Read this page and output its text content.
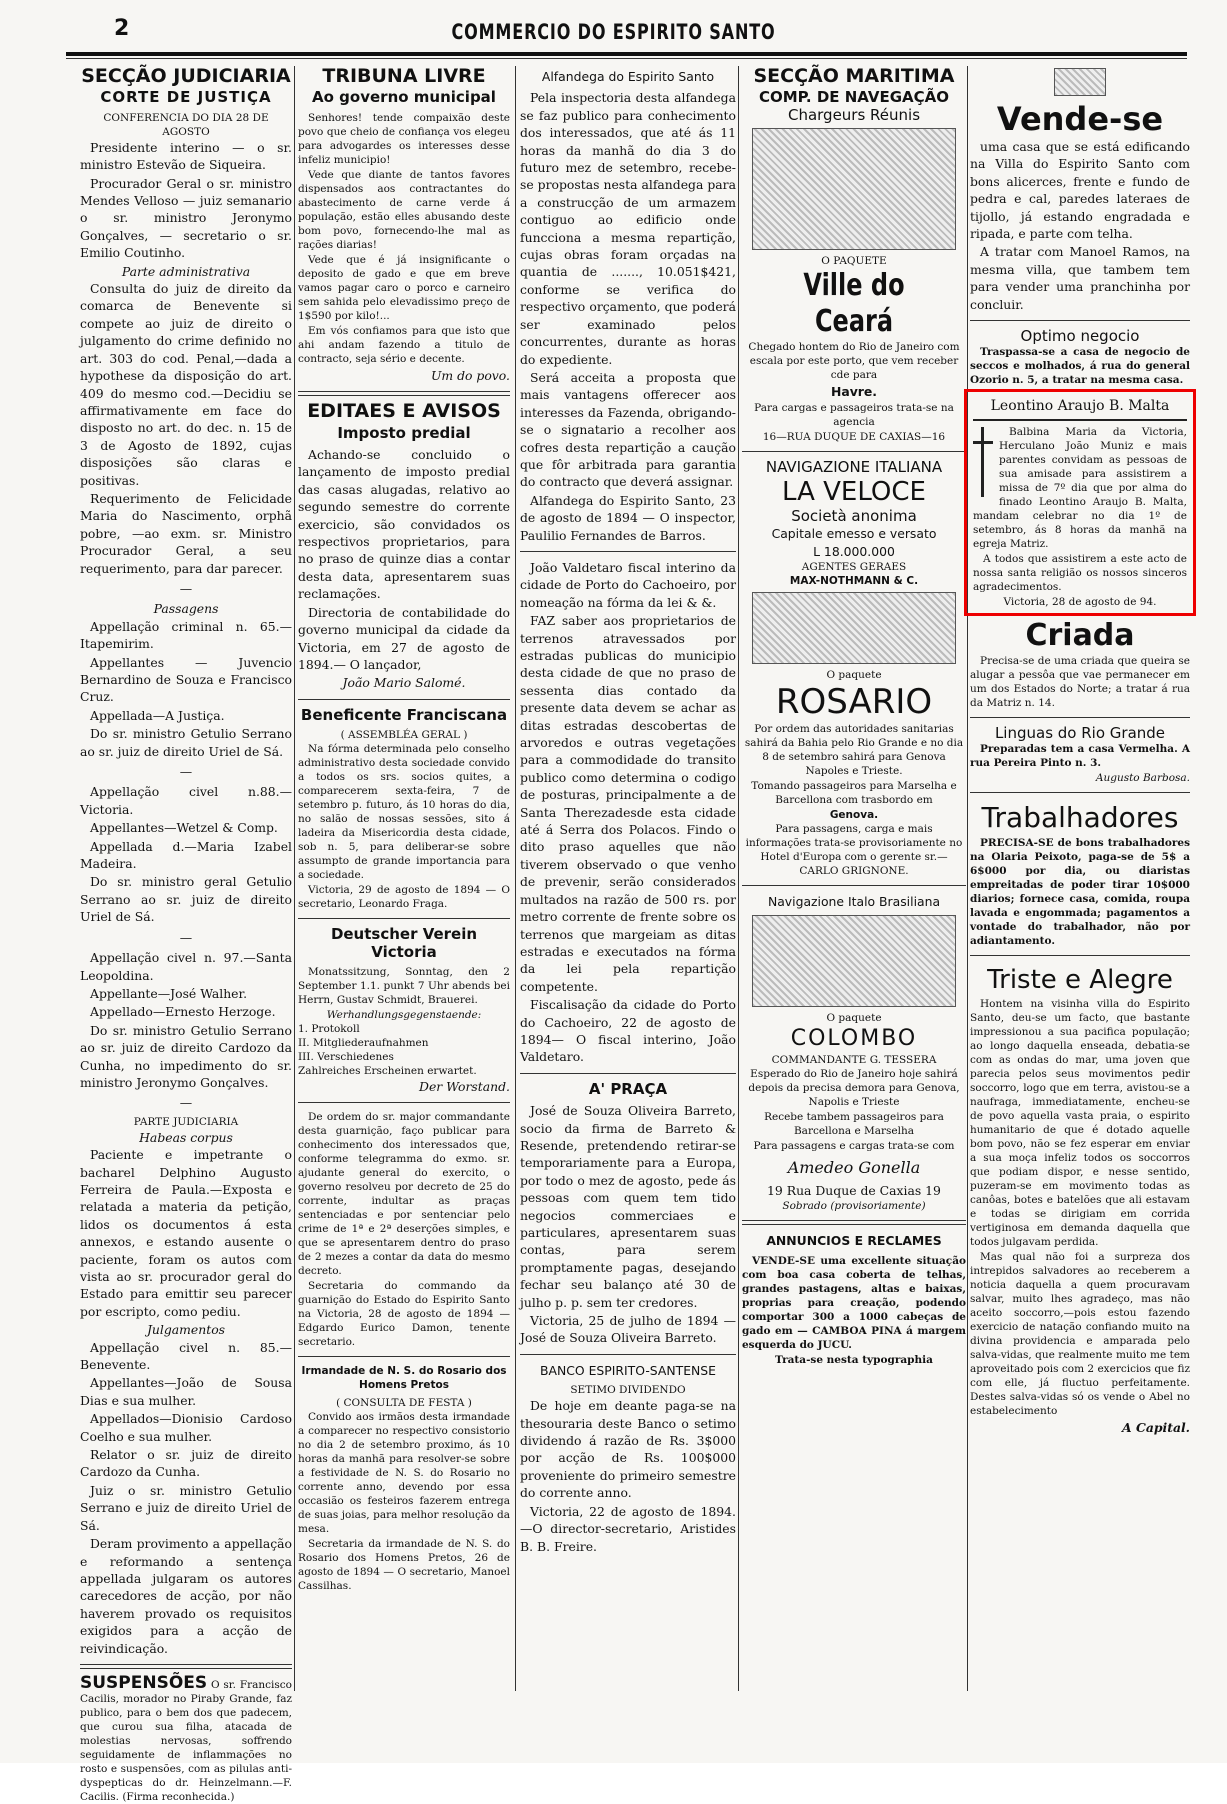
2	COMMERCIO DO ESPIRITO SANTO
SECÇÃO JUDICIARIA
CORTE DE JUSTIÇA
CONFERENCIA DO DIA 28 DE AGOSTO

Presidente interino — o sr. ministro Estevão de Siqueira.

Procurador Geral o sr. ministro Mendes Velloso — juiz semanario o sr. ministro Jeronymo Gonçalves, — secretario o sr. Emilio Coutinho.

Parte administrativa

Consulta do juiz de direito da comarca de Benevente si compete ao juiz de direito o julgamento do crime definido no art. 303 do cod. Penal,—dada a hypothese da disposição do art. 409 do mesmo cod.—Decidiu se affirmativamente em face do disposto no art. do dec. n. 15 de 3 de Agosto de 1892, cujas disposições são claras e positivas.

Requerimento de Felicidade Maria do Nascimento, orphã pobre, —ao exm. sr. Ministro Procurador Geral, a seu requerimento, para dar parecer.

—
Passagens

Appellação criminal n. 65.—Itapemirim.

Appellantes — Juvencio Bernardino de Souza e Francisco Cruz.

Appellada—A Justiça.

Do sr. ministro Getulio Serrano ao sr. juiz de direito Uriel de Sá.

—

Appellação civel n.88.—Victoria.

Appellantes—Wetzel & Comp.

Appellada d.—Maria Izabel Madeira.

Do sr. ministro geral Getulio Serrano ao sr. juiz de direito Uriel de Sá.

—

Appellação civel n. 97.—Santa Leopoldina.

Appellante—José Walher.

Appellado—Ernesto Herzoge.

Do sr. ministro Getulio Serrano ao sr. juiz de direito Cardozo da Cunha, no impedimento do sr. ministro Jeronymo Gonçalves.

—
PARTE JUDICIARIA
Habeas corpus

Paciente e impetrante o bacharel Delphino Augusto Ferreira de Paula.—Exposta e relatada a materia da petição, lidos os documentos á esta annexos, e estando ausente o paciente, foram os autos com vista ao sr. procurador geral do Estado para emittir seu parecer por escripto, como pediu.

Julgamentos

Appellação civel n. 85.—Benevente.

Appellantes—João de Sousa Dias e sua mulher.

Appellados—Dionisio Cardoso Coelho e sua mulher.

Relator o sr. juiz de direito Cardozo da Cunha.

Juiz o sr. ministro Getulio Serrano e juiz de direito Uriel de Sá.

Deram provimento a appellação e reformando a sentença appellada julgaram os autores carecedores de acção, por não haverem provado os requisitos exigidos para a acção de reivindicação.

SUSPENSÕES O sr. Francisco Cacilis, morador no Piraby Grande, faz publico, para o bem dos que padecem, que curou sua filha, atacada de molestias nervosas, soffrendo seguidamente de inflammações no rosto e suspensões, com as pilulas anti-dyspepticas do dr. Heinzelmann.—F. Cacilis. (Firma reconhecida.)

TRIBUNA LIVRE
Ao governo municipal

Senhores! tende compaixão deste povo que cheio de confiança vos elegeu para advogardes os interesses desse infeliz municipio!

Vede que diante de tantos favores dispensados aos contractantes do abastecimento de carne verde á população, estão elles abusando deste bom povo, fornecendo-lhe mal as rações diarias!

Vede que é já insignificante o deposito de gado e que em breve vamos pagar caro o porco e carneiro sem sahida pelo elevadissimo preço de 1$590 por kilo!...

Em vós confiamos para que isto que ahi andam fazendo a titulo de contracto, seja sério e decente.

Um do povo.
EDITAES E AVISOS
Imposto predial

Achando-se concluido o lançamento de imposto predial das casas alugadas, relativo ao segundo semestre do corrente exercicio, são convidados os respectivos proprietarios, para no praso de quinze dias a contar desta data, apresentarem suas reclamações.

Directoria de contabilidade do governo municipal da cidade da Victoria, em 27 de agosto de 1894.— O lançador,

João Mario Salomé.
Beneficente Franciscana
( ASSEMBLÉA GERAL )

Na fórma determinada pelo conselho administrativo desta sociedade convido a todos os srs. socios quites, a comparecerem sexta-feira, 7 de setembro p. futuro, ás 10 horas do dia, no salão de nossas sessões, sito á ladeira da Misericordia desta cidade, sob n. 5, para deliberar-se sobre assumpto de grande importancia para a sociedade.

Victoria, 29 de agosto de 1894 — O secretario, Leonardo Fraga.

Deutscher Verein Victoria

Monatssitzung, Sonntag, den 2 September 1.1. punkt 7 Uhr abends bei Herrn, Gustav Schmidt, Brauerei.

Werhandlungsgegenstaende:
1. Protokoll
II. Mitgliederaufnahmen
III. Verschiedenes
Zahlreiches Erscheinen erwartet.
Der Worstand.

De ordem do sr. major commandante desta guarnição, faço publicar para conhecimento dos interessados que, conforme telegramma do exmo. sr. ajudante general do exercito, o governo resolveu por decreto de 25 do corrente, indultar as praças sentenciadas e por sentenciar pelo crime de 1ª e 2ª deserções simples, e que se apresentarem dentro do praso de 2 mezes a contar da data do mesmo decreto.

Secretaria do commando da guarnição do Estado do Espirito Santo na Victoria, 28 de agosto de 1894 — Edgardo Eurico Damon, tenente secretario.

Irmandade de N. S. do Rosario dos Homens Pretos
( CONSULTA DE FESTA )

Convido aos irmãos desta irmandade a comparecer no respectivo consistorio no dia 2 de setembro proximo, ás 10 horas da manhã para resolver-se sobre a festividade de N. S. do Rosario no corrente anno, devendo por essa occasião os festeiros fazerem entrega de suas joias, para melhor resolução da mesa.

Secretaria da irmandade de N. S. do Rosario dos Homens Pretos, 26 de agosto de 1894 — O secretario, Manoel Cassilhas.

Alfandega do Espirito Santo

Pela inspectoria desta alfandega se faz publico para conhecimento dos interessados, que até ás 11 horas da manhã do dia 3 do futuro mez de setembro, recebe-se propostas nesta alfandega para a construcção de um armazem contiguo ao edificio onde funcciona a mesma repartição, cujas obras foram orçadas na quantia de ......., 10.051$421, conforme se verifica do respectivo orçamento, que poderá ser examinado pelos concurrentes, durante as horas do expediente.

Será acceita a proposta que mais vantagens offerecer aos interesses da Fazenda, obrigando-se o signatario a recolher aos cofres desta repartição a caução que fôr arbitrada para garantia do contracto que deverá assignar.

Alfandega do Espirito Santo, 23 de agosto de 1894 — O inspector, Paulilio Fernandes de Barros.

João Valdetaro fiscal interino da cidade de Porto do Cachoeiro, por nomeação na fórma da lei & &.

FAZ saber aos proprietarios de terrenos atravessados por estradas publicas do municipio desta cidade de que no praso de sessenta dias contado da presente data devem se achar as ditas estradas descobertas de arvoredos e outras vegetações para a commodidade do transito publico como determina o codigo de posturas, principalmente a de Santa Therezadesde esta cidade até á Serra dos Polacos. Findo o dito praso aquelles que não tiverem observado o que venho de prevenir, serão considerados multados na razão de 500 rs. por metro corrente de frente sobre os terrenos que margeiam as ditas estradas e executados na fórma da lei pela repartição competente.

Fiscalisação da cidade do Porto do Cachoeiro, 22 de agosto de 1894— O fiscal interino, João Valdetaro.

A' PRAÇA

José de Souza Oliveira Barreto, socio da firma de Barreto & Resende, pretendendo retirar-se temporariamente para a Europa, por todo o mez de agosto, pede ás pessoas com quem tem tido negocios commerciaes e particulares, apresentarem suas contas, para serem promptamente pagas, desejando fechar seu balanço até 30 de julho p. p. sem ter credores.

Victoria, 25 de julho de 1894 —José de Souza Oliveira Barreto.

BANCO ESPIRITO-SANTENSE
SETIMO DIVIDENDO

De hoje em deante paga-se na thesouraria deste Banco o setimo dividendo á razão de Rs. 3$000 por acção de Rs. 100$000 proveniente do primeiro semestre do corrente anno.

Victoria, 22 de agosto de 1894.—O director-secretario, Aristides B. B. Freire.

SECÇÃO MARITIMA
COMP. DE NAVEGAÇÃO
Chargeurs Réunis
O PAQUETE
Ville do Ceará

Chegado hontem do Rio de Janeiro com escala por este porto, que vem receber cde para

Havre.

Para cargas e passageiros trata-se na agencia

16—RUA DUQUE DE CAXIAS—16
NAVIGAZIONE ITALIANA
LA VELOCE
Società anonima
Capitale emesso e versato
L 18.000.000
AGENTES GERAES
MAX-NOTHMANN & C.
O paquete
ROSARIO

Por ordem das autoridades sanitarias sahirá da Bahia pelo Rio Grande e no dia 8 de setembro sahirá para Genova Napoles e Trieste.

Tomando passageiros para Marselha e Barcellona com trasbordo em

Genova.

Para passagens, carga e mais informações trata-se provisoriamente no Hotel d'Europa com o gerente sr.—CARLO GRIGNONE.

Navigazione Italo Brasiliana
O paquete
COLOMBO
COMMANDANTE G. TESSERA

Esperado do Rio de Janeiro hoje sahirá depois da precisa demora para Genova, Napolis e Trieste

Recebe tambem passageiros para Barcellona e Marselha

Para passagens e cargas trata-se com

Amedeo Gonella
19 Rua Duque de Caxias 19
Sobrado (provisoriamente)
ANNUNCIOS E RECLAMES

VENDE-SE uma excellente situação com boa casa coberta de telhas, grandes pastagens, altas e baixas, proprias para creação, podendo comportar 300 a 1000 cabeças de gado em — CAMBOA PINA á margem esquerda do JUCU.

Trata-se nesta typographia
Vende-se

uma casa que se está edificando na Villa do Espirito Santo com bons alicerces, frente e fundo de pedra e cal, paredes lateraes de tijollo, já estando engradada e ripada, e parte com telha.

A tratar com Manoel Ramos, na mesma villa, que tambem tem para vender uma pranchinha por concluir.

Optimo negocio

Traspassa-se a casa de negocio de seccos e molhados, á rua do general Ozorio n. 5, a tratar na mesma casa.

Leontino Araujo B. Malta

Balbina Maria da Victoria, Herculano João Muniz e mais parentes convidam as pessoas de sua amisade para assistirem a missa de 7º dia que por alma do finado Leontino Araujo B. Malta, mandam celebrar no dia 1º de setembro, ás 8 horas da manhã na egreja Matriz.

A todos que assistirem a este acto de nossa santa religião os nossos sinceros agradecimentos.

Victoria, 28 de agosto de 94.
Criada

Precisa-se de uma criada que queira se alugar a pessôa que vae permanecer em um dos Estados do Norte; a tratar á rua da Matriz n. 14.

Linguas do Rio Grande

Preparadas tem a casa Vermelha. A rua Pereira Pinto n. 3.

Augusto Barbosa.
Trabalhadores

PRECISA-SE de bons trabalhadores na Olaria Peixoto, paga-se de 5$ a 6$000 por dia, ou diaristas empreitadas de poder tirar 10$000 diarios; fornece casa, comida, roupa lavada e engommada; pagamentos a vontade do trabalhador, não por adiantamento.

Triste e Alegre

Hontem na visinha villa do Espirito Santo, deu-se um facto, que bastante impressionou a sua pacifica população; ao longo daquella enseada, debatia-se com as ondas do mar, uma joven que parecia pelos seus movimentos pedir soccorro, logo que em terra, avistou-se a naufraga, immediatamente, encheu-se de povo aquella vasta praia, o espirito humanitario de que é dotado aquelle bom povo, não se fez esperar em enviar a sua moça infeliz todos os soccorros que podiam dispor, e nesse sentido, puzeram-se em movimento todas as canôas, botes e batelões que ali estavam e todas se dirigiam em corrida vertiginosa em demanda daquella que todos julgavam perdida.

Mas qual não foi a surpreza dos intrepidos salvadores ao receberem a noticia daquella a quem procuravam salvar, muito lhes agradeço, mas não aceito soccorro,—pois estou fazendo exercicio de natação confiando muito na divina providencia e amparada pelo salva-vidas, que realmente muito me tem aproveitado pois com 2 exercicios que fiz com elle, já fluctuo perfeitamente. Destes salva-vidas só os vende o Abel no estabelecimento

A Capital.
